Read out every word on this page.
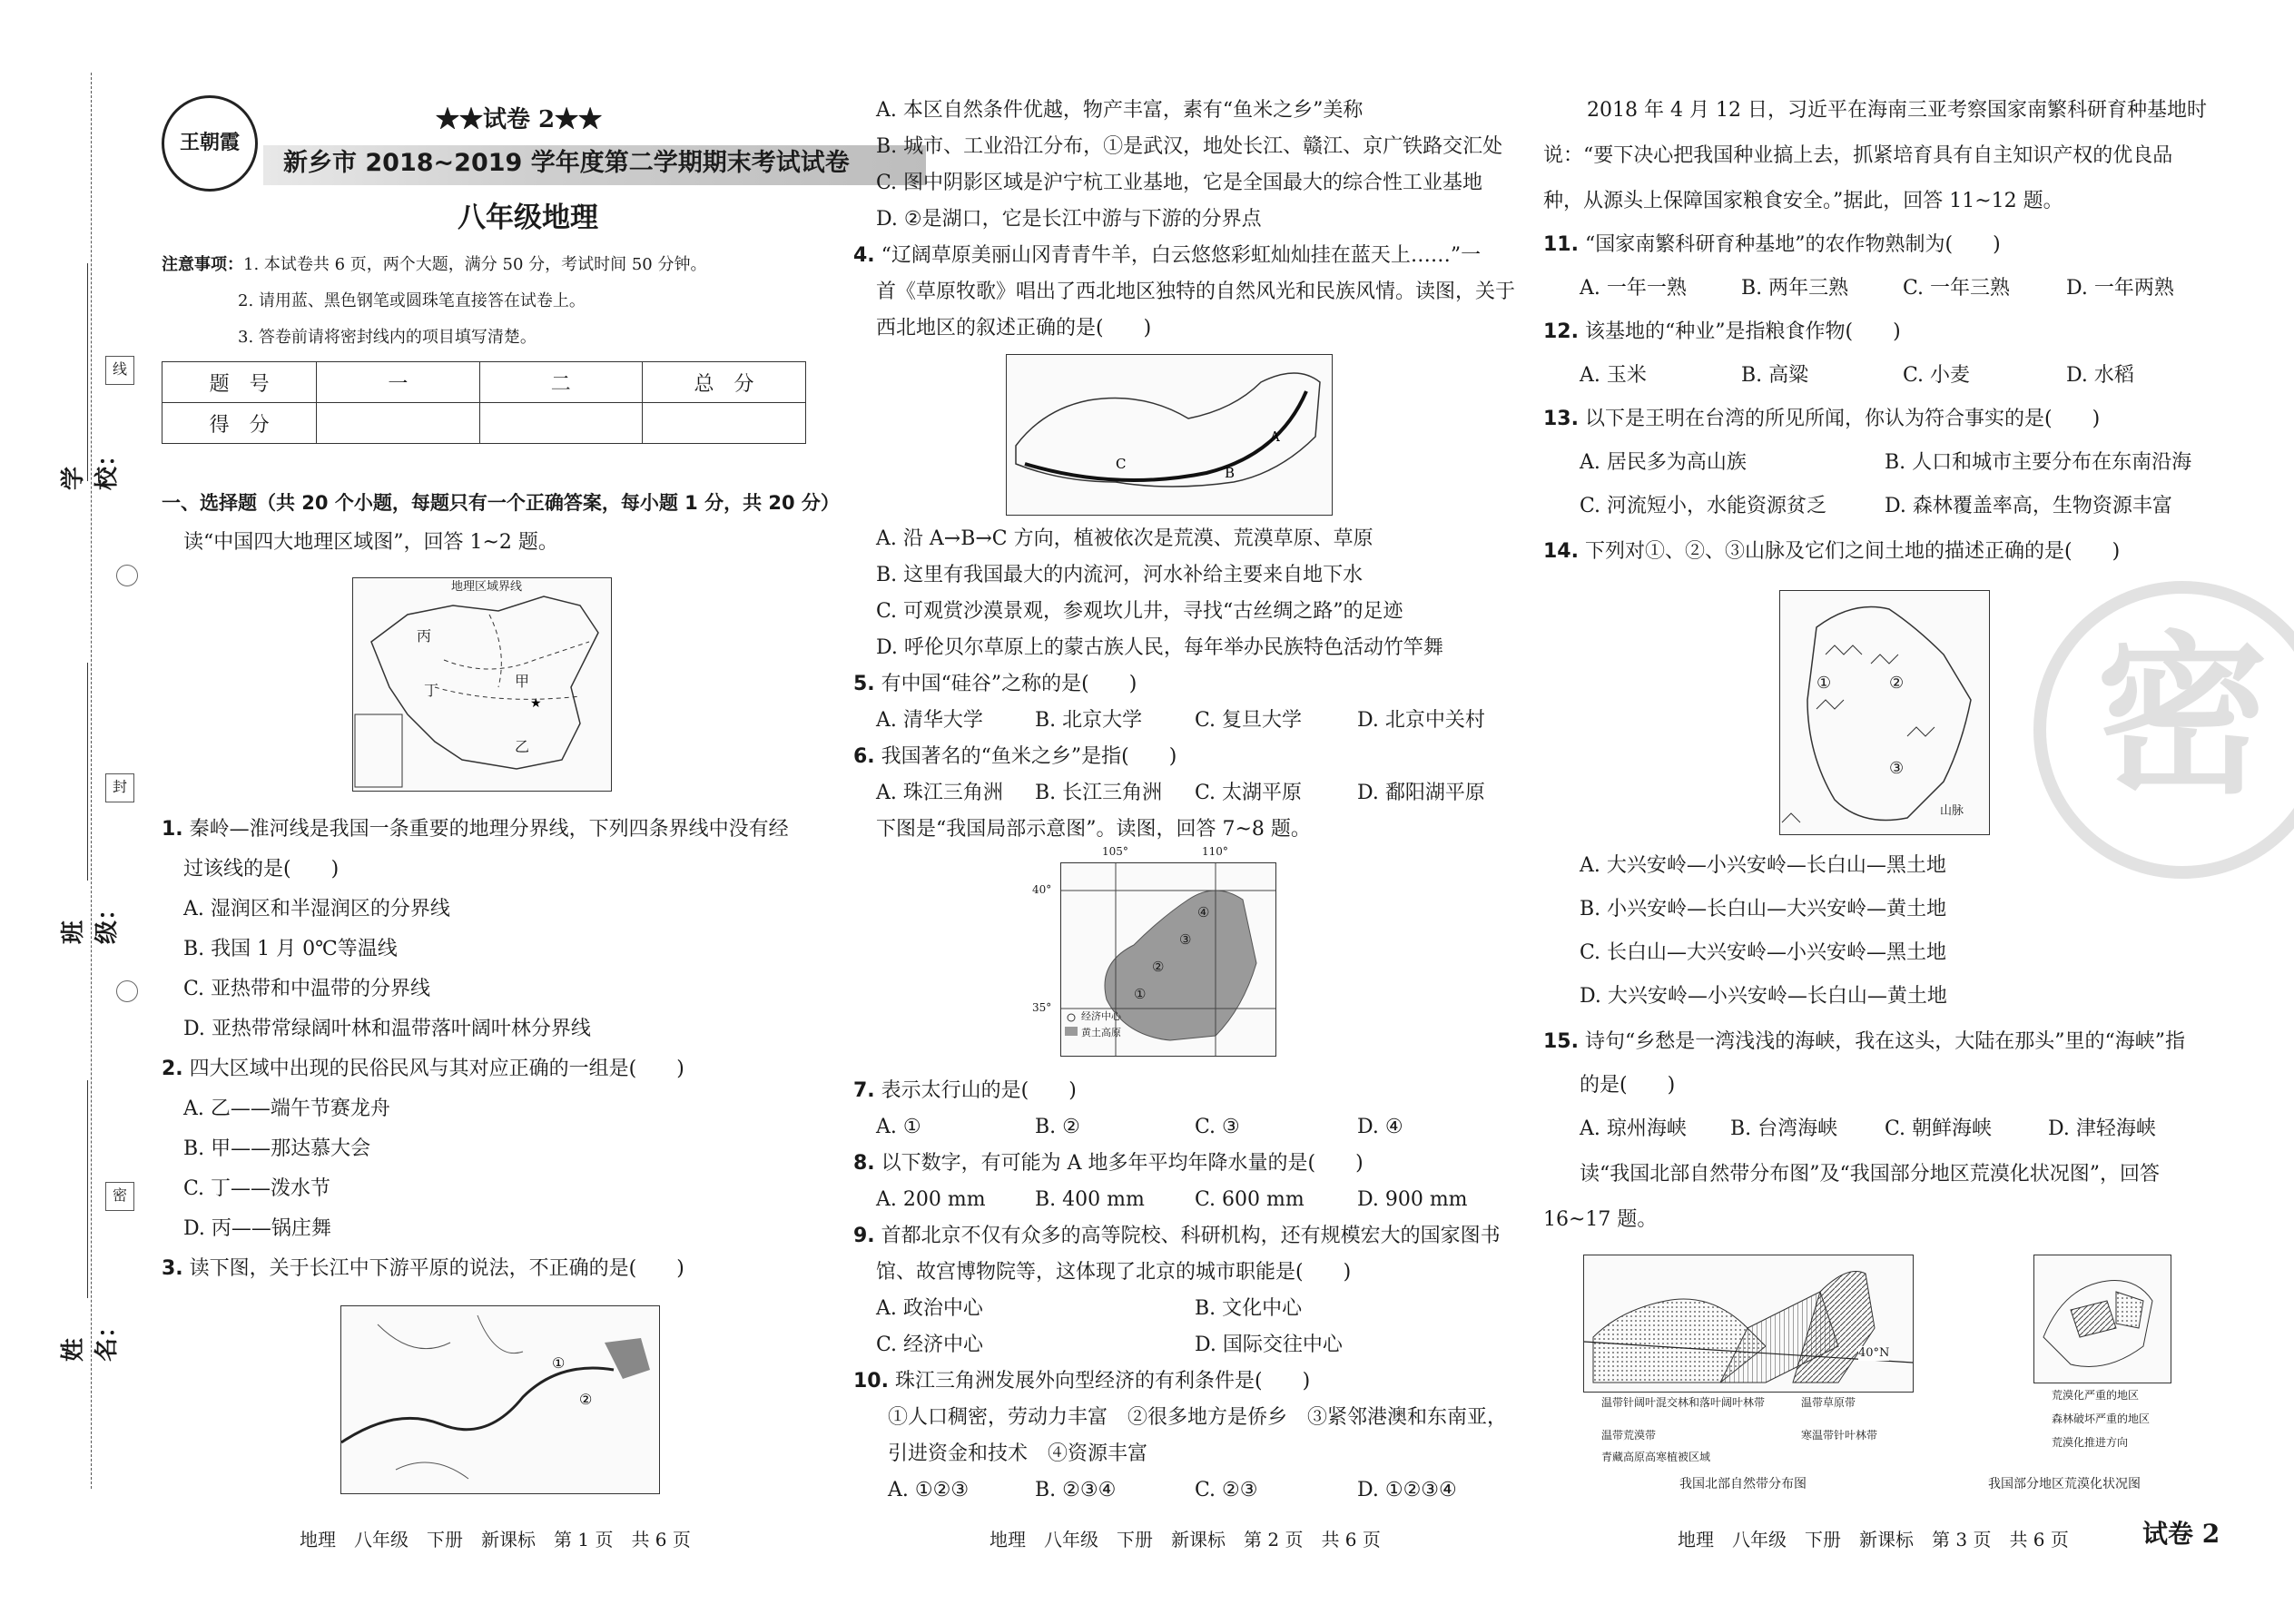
线
封
密
学校：
班级：
姓名：
王朝霞
★★试卷 2★★
新乡市 2018~2019 学年度第二学期期末考试试卷
八年级地理
注意事项：1. 本试卷共 6 页，两个大题，满分 50 分，考试时间 50 分钟。
2. 请用蓝、黑色钢笔或圆珠笔直接答在试卷上。
3. 答卷前请将密封线内的项目填写清楚。
题　号	一	二	总　分
得　分			
一、选择题（共 20 个小题，每题只有一个正确答案，每小题 1 分，共 20 分）
读“中国四大地理区域图”，回答 1~2 题。
★
地理区域界线
丙
甲
丁
乙
1. 秦岭—淮河线是我国一条重要的地理分界线，下列四条界线中没有经
过该线的是(　　)
A. 湿润区和半湿润区的分界线
B. 我国 1 月 0℃等温线
C. 亚热带和中温带的分界线
D. 亚热带常绿阔叶林和温带落叶阔叶林分界线
2. 四大区域中出现的民俗民风与其对应正确的一组是(　　)
A. 乙——端午节赛龙舟
B. 甲——那达慕大会
C. 丁——泼水节
D. 丙——锅庄舞
3. 读下图，关于长江中下游平原的说法，不正确的是(　　)
①
②
地理　八年级　下册　新课标　第 1 页　共 6 页
A. 本区自然条件优越，物产丰富，素有“鱼米之乡”美称
B. 城市、工业沿江分布，①是武汉，地处长江、赣江、京广铁路交汇处
C. 图中阴影区域是沪宁杭工业基地，它是全国最大的综合性工业基地
D. ②是湖口，它是长江中游与下游的分界点
4. “辽阔草原美丽山冈青青牛羊，白云悠悠彩虹灿灿挂在蓝天上……”一
首《草原牧歌》唱出了西北地区独特的自然风光和民族风情。读图，关于
西北地区的叙述正确的是(　　)
A
B
C
A. 沿 A→B→C 方向，植被依次是荒漠、荒漠草原、草原
B. 这里有我国最大的内流河，河水补给主要来自地下水
C. 可观赏沙漠景观，参观坎儿井，寻找“古丝绸之路”的足迹
D. 呼伦贝尔草原上的蒙古族人民，每年举办民族特色活动竹竿舞
5. 有中国“硅谷”之称的是(　　)
A. 清华大学	B. 北京大学	C. 复旦大学	D. 北京中关村
6. 我国著名的“鱼米之乡”是指(　　)
A. 珠江三角洲 B. 长江三角洲 C. 太湖平原	D. 鄱阳湖平原
下图是“我国局部示意图”。读图，回答 7~8 题。
105°	110°
40°
35°
④
③
②
①
经济中心
黄土高原
7. 表示太行山的是(　　)
A. ①	B. ②	C. ③	D. ④
8. 以下数字，有可能为 A 地多年平均年降水量的是(　　)
A. 200 mm B. 400 mm	C. 600 mm	D. 900 mm
9. 首都北京不仅有众多的高等院校、科研机构，还有规模宏大的国家图书
馆、故宫博物院等，这体现了北京的城市职能是(　　)
A. 政治中心	B. 文化中心
C. 经济中心	D. 国际交往中心
10. 珠江三角洲发展外向型经济的有利条件是(　　)
①人口稠密，劳动力丰富　②很多地方是侨乡　③紧邻港澳和东南亚，
引进资金和技术　④资源丰富
A. ①②③	B. ②③④	C. ②③	D. ①②③④
地理　八年级　下册　新课标　第 2 页　共 6 页
2018 年 4 月 12 日，习近平在海南三亚考察国家南繁科研育种基地时
说：“要下决心把我国种业搞上去，抓紧培育具有自主知识产权的优良品
种，从源头上保障国家粮食安全。”据此，回答 11~12 题。
11. “国家南繁科研育种基地”的农作物熟制为(　　)
A. 一年一熟	B. 两年三熟	C. 一年三熟	D. 一年两熟
12. 该基地的“种业”是指粮食作物(　　)
A. 玉米	B. 高粱	C. 小麦	D. 水稻
13. 以下是王明在台湾的所见所闻，你认为符合事实的是(　　)
A. 居民多为高山族	B. 人口和城市主要分布在东南沿海
C. 河流短小，水能资源贫乏	D. 森林覆盖率高，生物资源丰富
14. 下列对①、②、③山脉及它们之间土地的描述正确的是(　　)
①	②
③
山脉
A. 大兴安岭—小兴安岭—长白山—黑土地
B. 小兴安岭—长白山—大兴安岭—黄土地
C. 长白山—大兴安岭—小兴安岭—黑土地
D. 大兴安岭—小兴安岭—长白山—黄土地
15. 诗句“乡愁是一湾浅浅的海峡，我在这头，大陆在那头”里的“海峡”指
的是(　　)
A. 琼州海峡 B. 台湾海峡 C. 朝鲜海峡	D. 津轻海峡
读“我国北部自然带分布图”及“我国部分地区荒漠化状况图”，回答
16~17 题。
40°N
温带针阔叶混交林和落叶阔叶林带	温带草原带
温带荒漠带	寒温带针叶林带
青藏高原高寒植被区域
我国北部自然带分布图
荒漠化严重的地区
森林破坏严重的地区
荒漠化推进方向
我国部分地区荒漠化状况图
地理　八年级　下册　新课标　第 3 页　共 6 页	试卷 2
密
